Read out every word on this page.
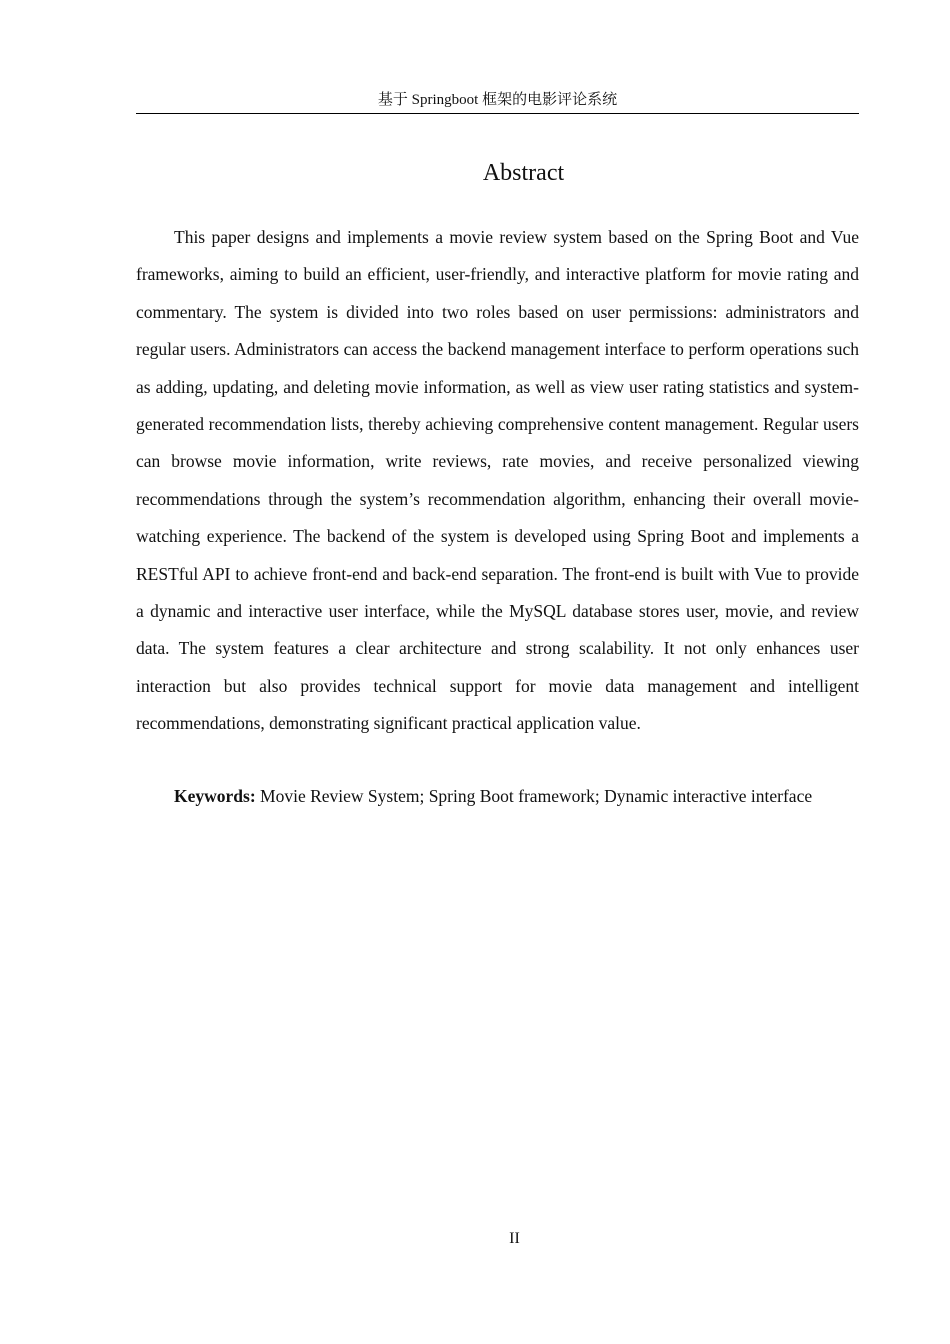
基于 Springboot 框架的电影评论系统
Abstract

This paper designs and implements a movie review system based on the Spring Boot and Vue frameworks, aiming to build an efficient, user-friendly, and interactive platform for movie rating and commentary. The system is divided into two roles based on user permissions: administrators and regular users. Administrators can access the backend management interface to perform operations such as adding, updating, and deleting movie information, as well as view user rating statistics and system-generated recommendation lists, thereby achieving comprehensive content management. Regular users can browse movie information, write reviews, rate movies, and receive personalized viewing recommendations through the system’s recommendation algorithm, enhancing their overall movie-watching experience. The backend of the system is developed using Spring Boot and implements a RESTful API to achieve front-end and back-end separation. The front-end is built with Vue to provide a dynamic and interactive user interface, while the MySQL database stores user, movie, and review data. The system features a clear architecture and strong scalability. It not only enhances user interaction but also provides technical support for movie data management and intelligent recommendations, demonstrating significant practical application value.

Keywords: Movie Review System; Spring Boot framework; Dynamic interactive interface

II
